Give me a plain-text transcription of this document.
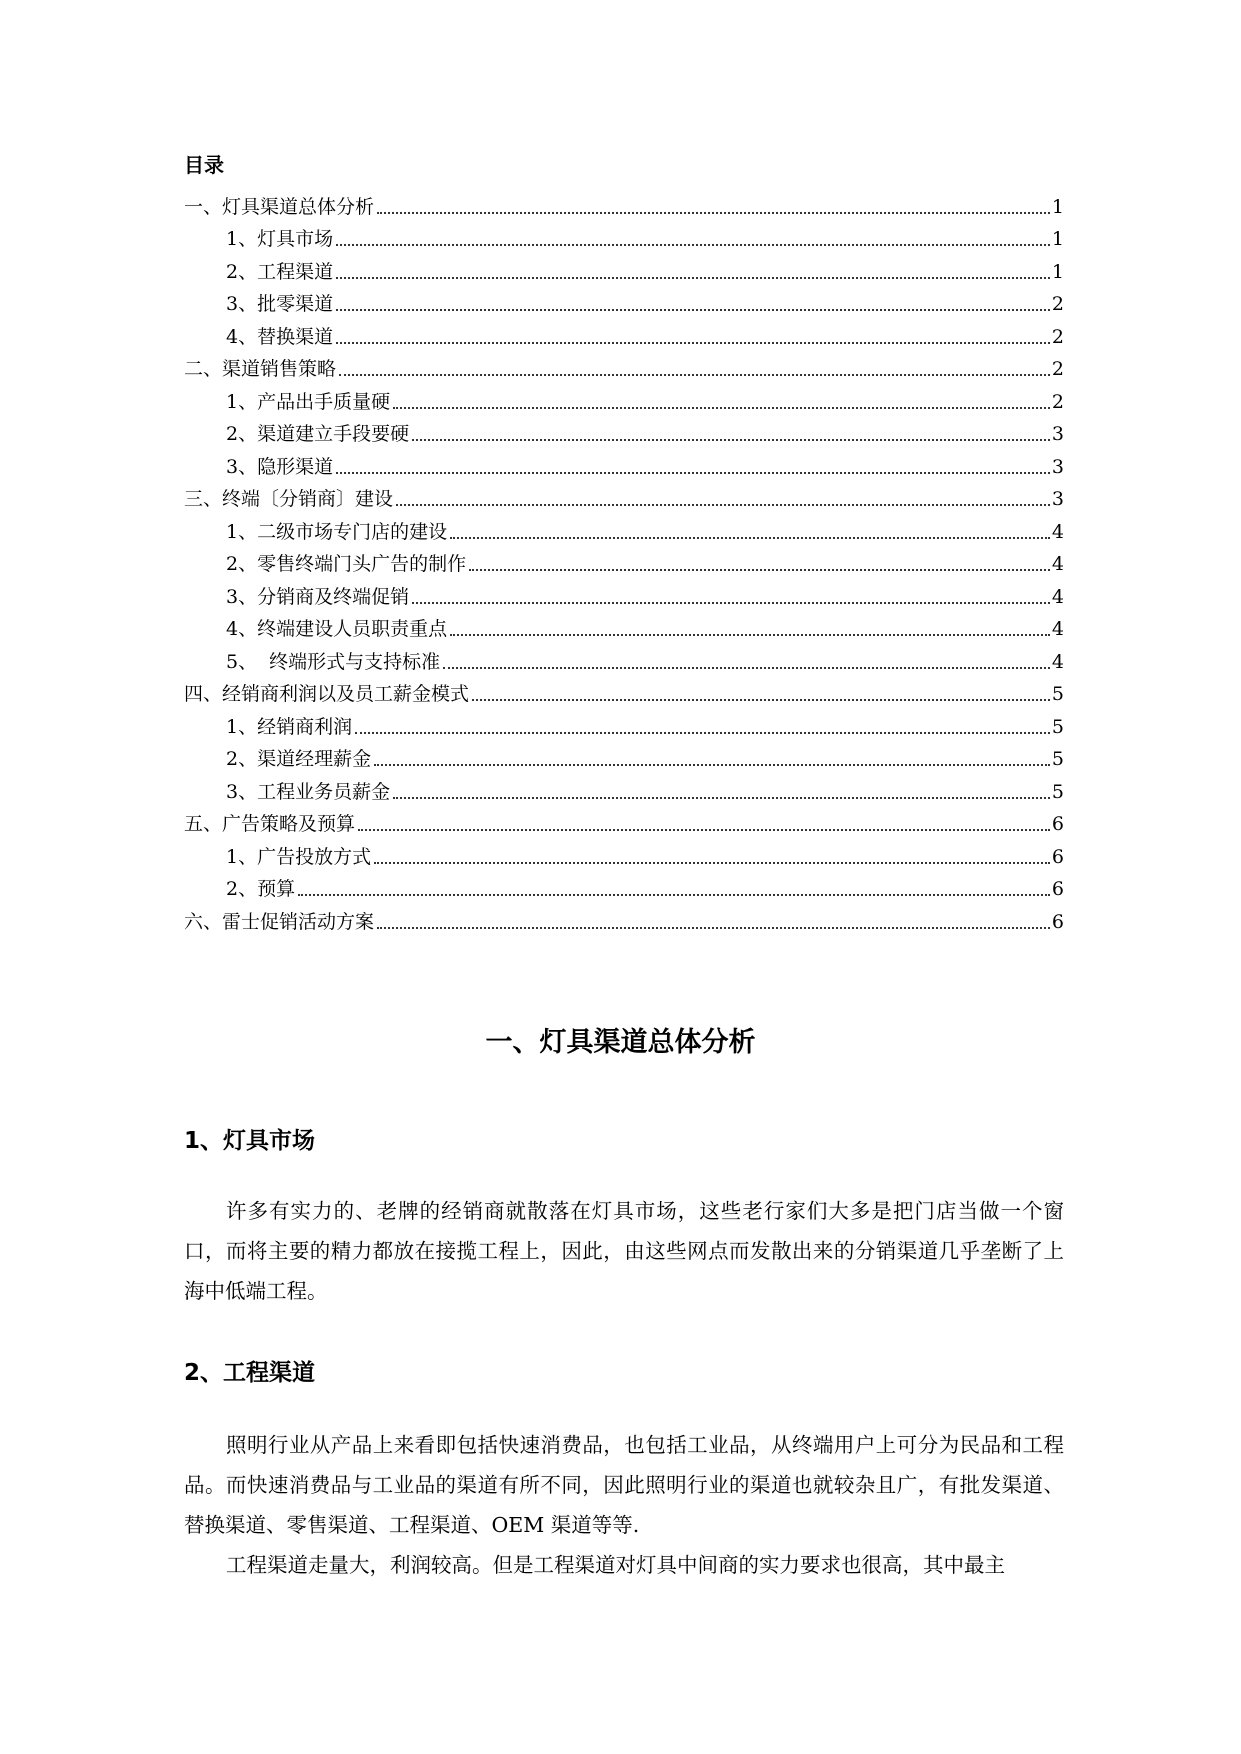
目录
一、灯具渠道总体分析	1
1、灯具市场	1
2、工程渠道	1
3、批零渠道	2
4、替换渠道	2
二、渠道销售策略	2
1、产品出手质量硬	2
2、渠道建立手段要硬	3
3、隐形渠道	3
三、终端〔分销商〕建设	3
1、二级市场专门店的建设	4
2、零售终端门头广告的制作	4
3、分销商及终端促销	4
4、终端建设人员职责重点	4
5、  终端形式与支持标准	4
四、经销商利润以及员工薪金模式	5
1、经销商利润	5
2、渠道经理薪金	5
3、工程业务员薪金	5
五、广告策略及预算	6
1、广告投放方式	6
2、预算	6
六、雷士促销活动方案	6
一、灯具渠道总体分析
1、灯具市场
许多有实力的、老牌的经销商就散落在灯具市场，这些老行家们大多是把门店当做一个窗口，而将主要的精力都放在接揽工程上，因此，由这些网点而发散出来的分销渠道几乎垄断了上海中低端工程。
2、工程渠道
照明行业从产品上来看即包括快速消费品，也包括工业品，从终端用户上可分为民品和工程品。而快速消费品与工业品的渠道有所不同，因此照明行业的渠道也就较杂且广，有批发渠道、替换渠道、零售渠道、工程渠道、OEM 渠道等等.
工程渠道走量大，利润较高。但是工程渠道对灯具中间商的实力要求也很高，其中最主
